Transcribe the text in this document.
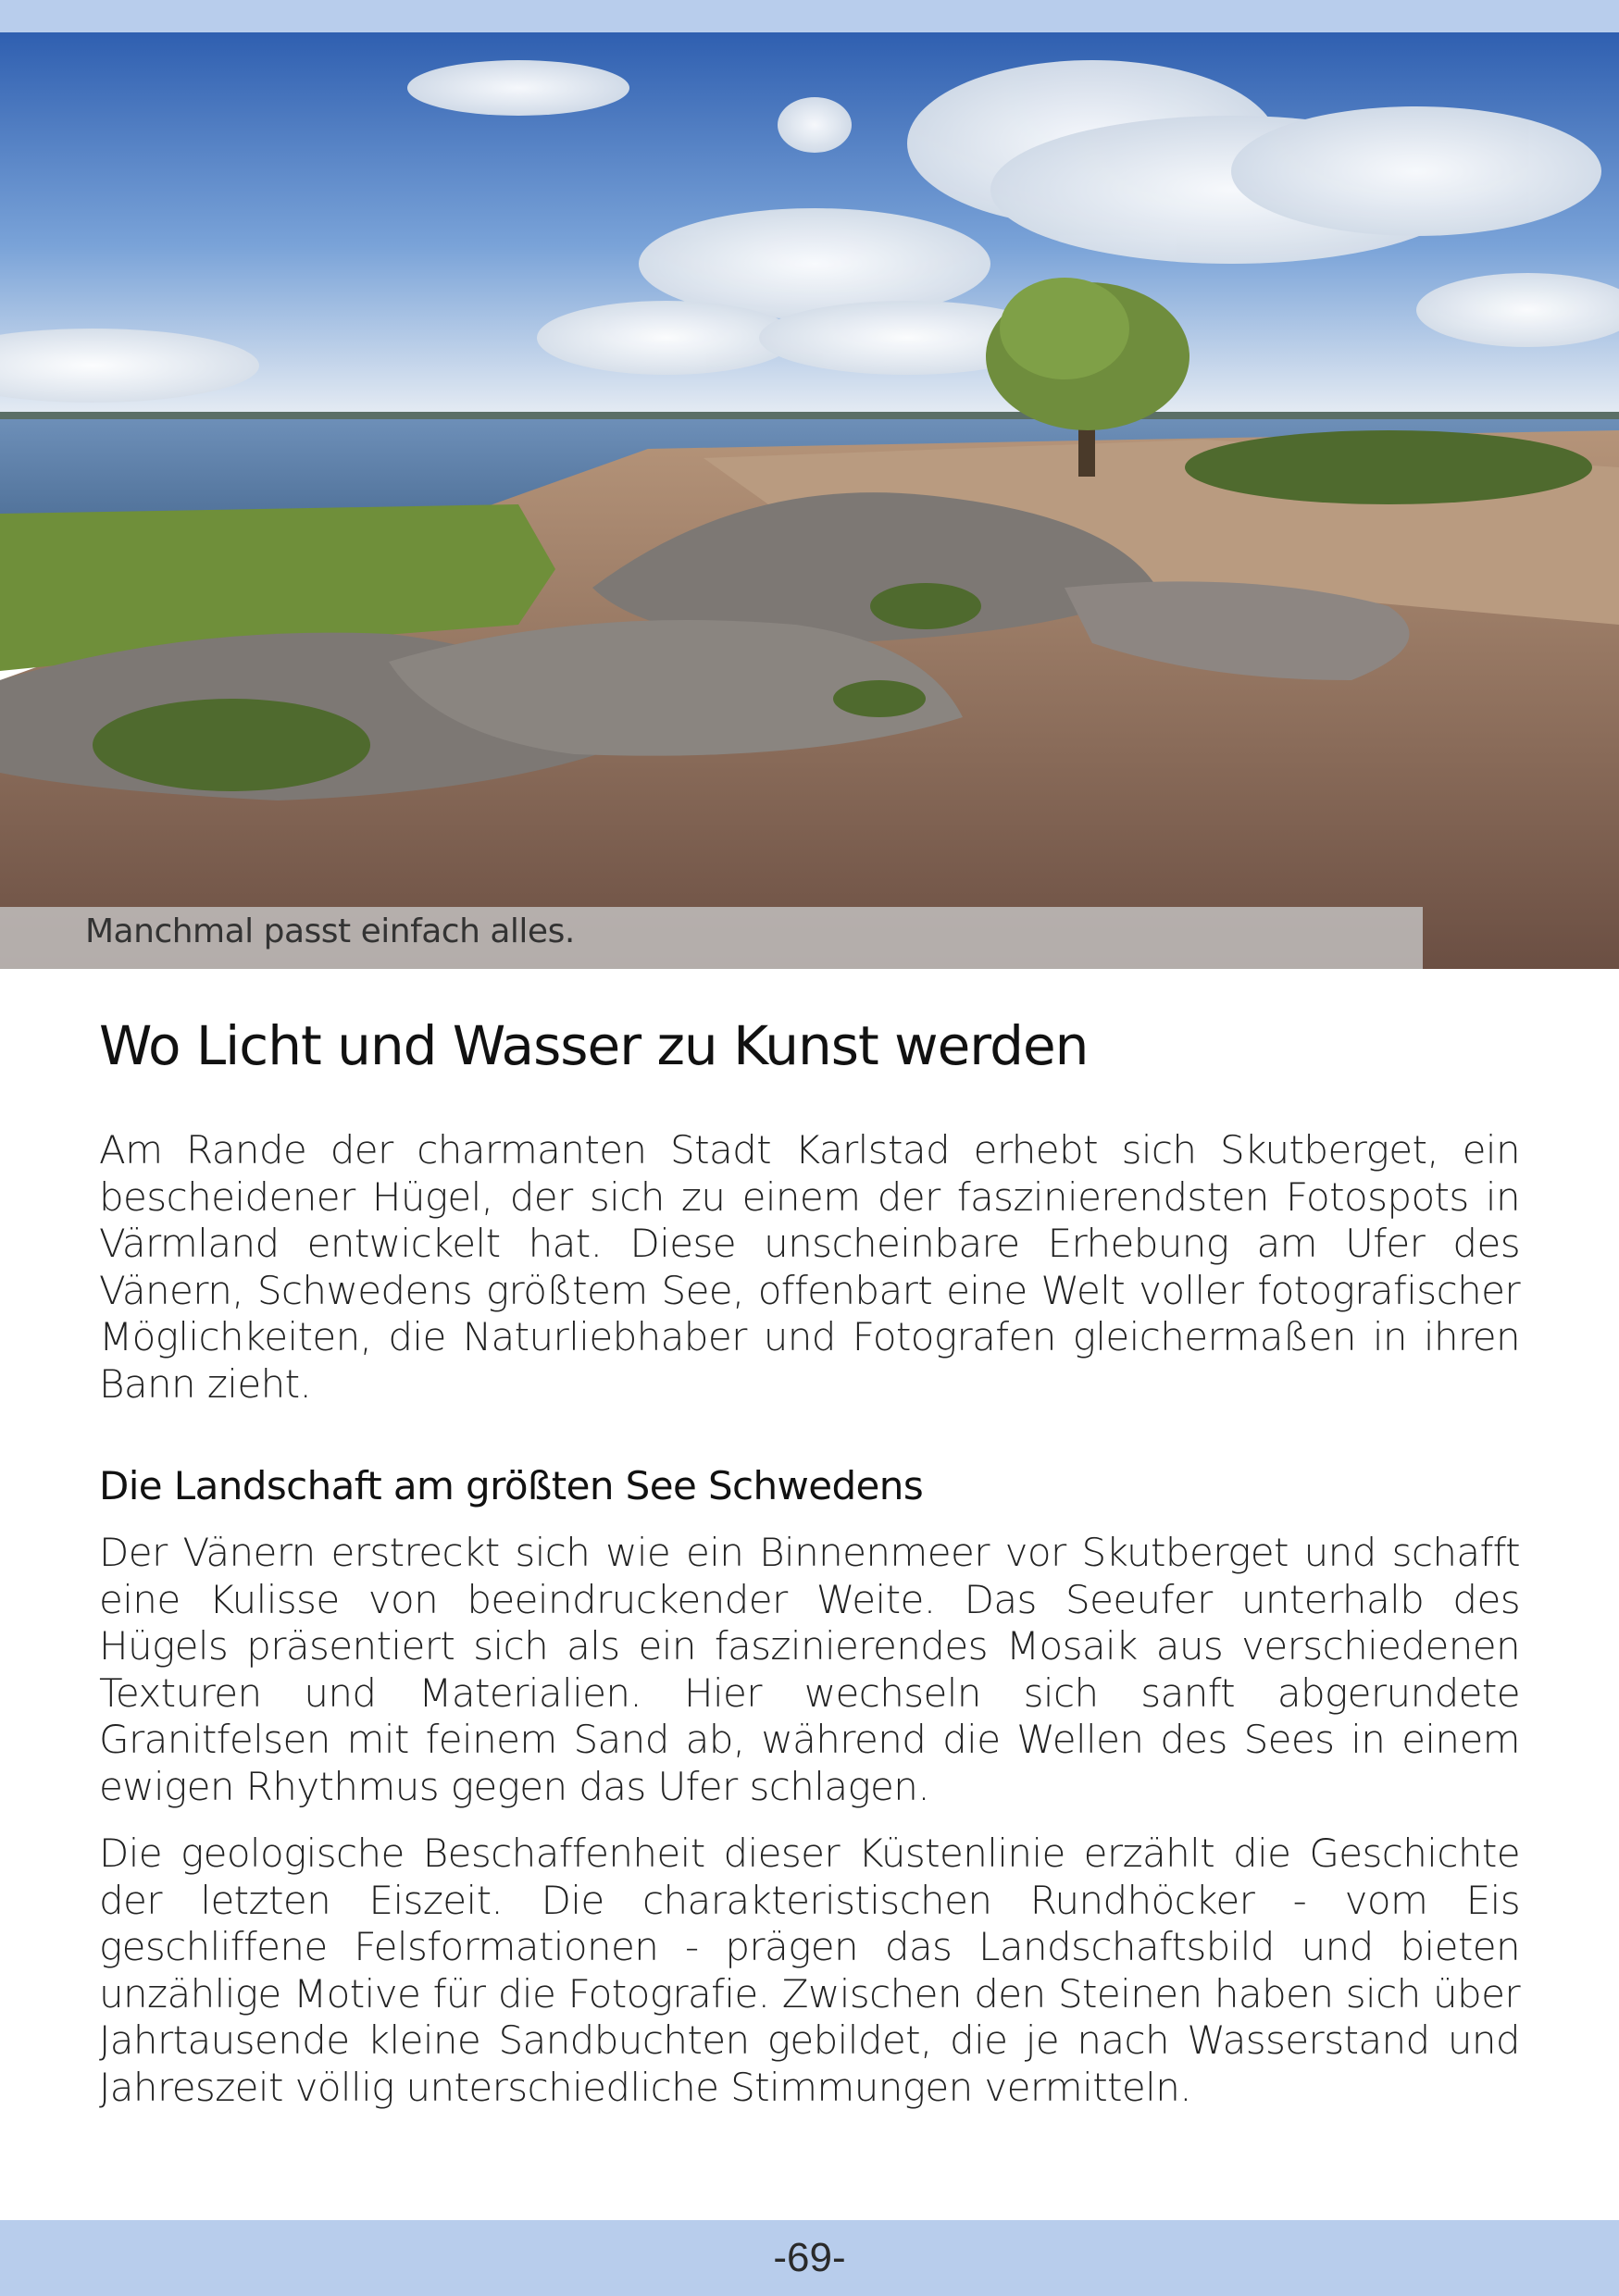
Manchmal passt einfach alles.
Wo Licht und Wasser zu Kunst werden

Am Rande der charmanten Stadt Karlstad erhebt sich Skutberget, ein bescheidener Hügel, der sich zu einem der faszinierendsten Fotospots in Värmland entwickelt hat. Diese unscheinbare Erhebung am Ufer des Vänern, Schwedens größtem See, offenbart eine Welt voller fotografischer Möglichkeiten, die Naturliebhaber und Fotografen gleichermaßen in ihren Bann zieht.

Die Landschaft am größten See Schwedens

Der Vänern erstreckt sich wie ein Binnenmeer vor Skutberget und schafft eine Kulisse von beeindruckender Weite. Das Seeufer unterhalb des Hügels präsentiert sich als ein faszinierendes Mosaik aus verschiedenen Texturen und Materialien. Hier wechseln sich sanft abgerundete Granitfelsen mit feinem Sand ab, während die Wellen des Sees in einem ewigen Rhythmus gegen das Ufer schlagen.

Die geologische Beschaffenheit dieser Küstenlinie erzählt die Geschichte der letzten Eiszeit. Die charakteristischen Rundhöcker - vom Eis geschliffene Felsformationen - prägen das Landschaftsbild und bieten unzählige Motive für die Fotografie. Zwischen den Steinen haben sich über Jahrtausende kleine Sandbuchten gebildet, die je nach Wasserstand und Jahreszeit völlig unterschiedliche Stimmungen vermitteln.

-69-
